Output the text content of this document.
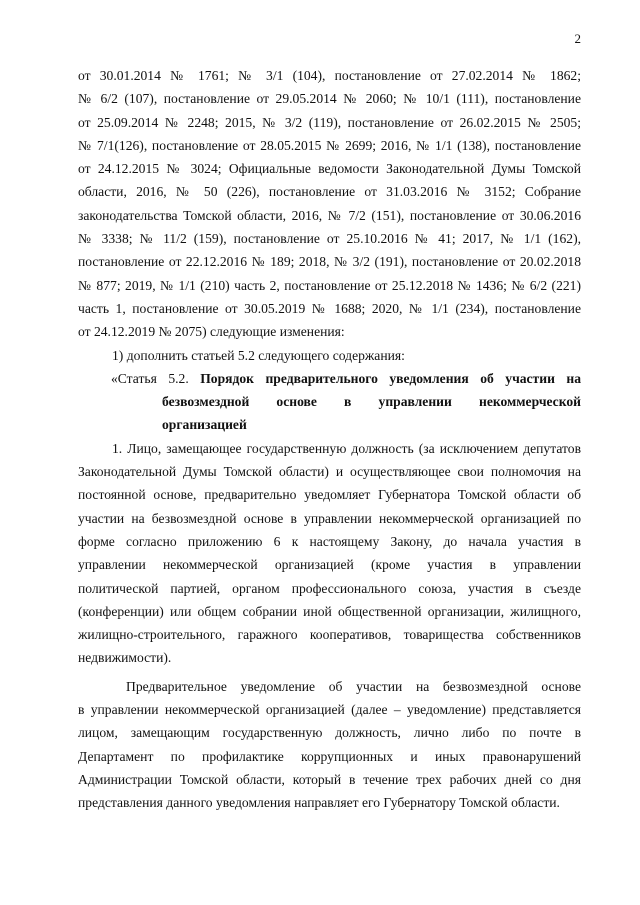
2
от 30.01.2014 № 1761; № 3/1 (104), постановление от 27.02.2014 № 1862;
№ 6/2 (107), постановление от 29.05.2014 № 2060; № 10/1 (111), постановление
от 25.09.2014 № 2248; 2015, № 3/2 (119), постановление от 26.02.2015 № 2505;
№ 7/1(126), постановление от 28.05.2015 № 2699; 2016, № 1/1 (138), постановление
от 24.12.2015 № 3024; Официальные ведомости Законодательной Думы Томской
области, 2016, № 50 (226), постановление от 31.03.2016 № 3152; Собрание
законодательства Томской области, 2016, № 7/2 (151), постановление от 30.06.2016
№ 3338; № 11/2 (159), постановление от 25.10.2016 № 41; 2017, № 1/1 (162),
постановление от 22.12.2016 № 189; 2018, № 3/2 (191), постановление от 20.02.2018
№ 877; 2019, № 1/1 (210) часть 2, постановление от 25.12.2018 № 1436; № 6/2 (221)
часть 1, постановление от 30.05.2019 № 1688; 2020, № 1/1 (234), постановление
от 24.12.2019 № 2075) следующие изменения:
1) дополнить статьей 5.2 следующего содержания:
«Статья 5.2. Порядок предварительного уведомления об участии на
безвозмездной основе в управлении некоммерческой
организацией
1. Лицо, замещающее государственную должность (за исключением депутатов
Законодательной Думы Томской области) и осуществляющее свои полномочия на
постоянной основе, предварительно уведомляет Губернатора Томской области об
участии на безвозмездной основе в управлении некоммерческой организацией по
форме согласно приложению 6 к настоящему Закону, до начала участия в
управлении некоммерческой организацией (кроме участия в управлении
политической партией, органом профессионального союза, участия в съезде
(конференции) или общем собрании иной общественной организации, жилищного,
жилищно-строительного, гаражного кооперативов, товарищества собственников
недвижимости).
Предварительное уведомление об участии на безвозмездной основе
в управлении некоммерческой организацией (далее – уведомление) представляется
лицом, замещающим государственную должность, лично либо по почте в
Департамент по профилактике коррупционных и иных правонарушений
Администрации Томской области, который в течение трех рабочих дней со дня
представления данного уведомления направляет его Губернатору Томской области.
